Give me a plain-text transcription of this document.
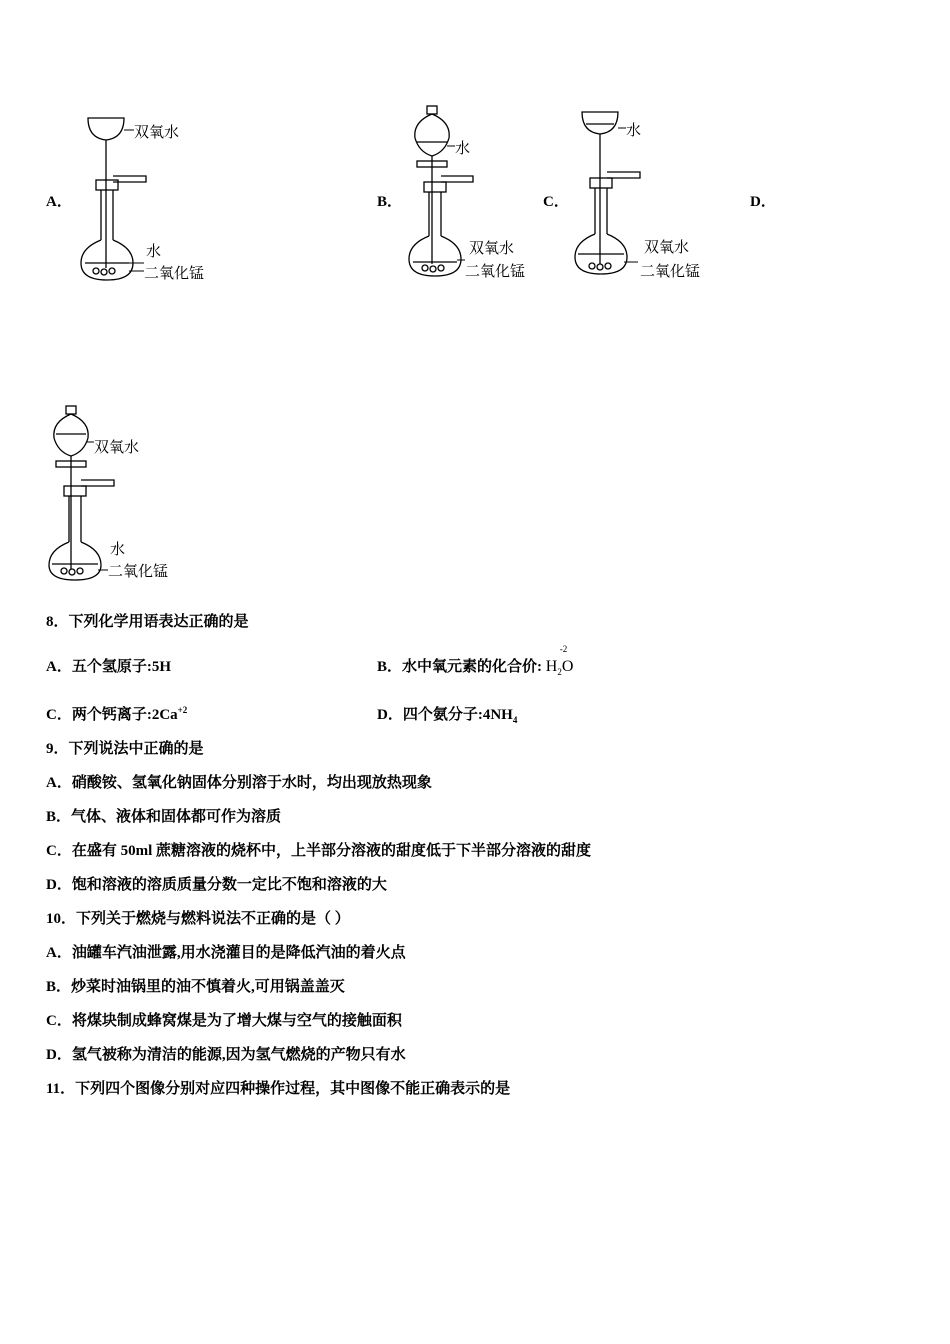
A．	B．	C．	D．
双氧水
水
二氧化锰
水
双氧水
二氧化锰
水
双氧水
二氧化锰
双氧水
水
二氧化锰
8．下列化学用语表达正确的是
A．五个氢原子:5H	B．水中氧元素的化合价:
-2
$H_2O$
C．两个钙离子$:2Ca^{+2}$	D．四个氨分子$:4NH_4$
9．下列说法中正确的是
A．硝酸铵、氢氧化钠固体分别溶于水时，均出现放热现象
B．气体、液体和固体都可作为溶质
C．在盛有 50ml 蔗糖溶液的烧杯中，上半部分溶液的甜度低于下半部分溶液的甜度
D．饱和溶液的溶质质量分数一定比不饱和溶液的大
10．下列关于燃烧与燃料说法不正确的是（ ）
A．油罐车汽油泄露,用水浇灌目的是降低汽油的着火点
B．炒菜时油锅里的油不慎着火,可用锅盖盖灭
C．将煤块制成蜂窝煤是为了增大煤与空气的接触面积
D．氢气被称为清洁的能源,因为氢气燃烧的产物只有水
11．下列四个图像分别对应四种操作过程，其中图像不能正确表示的是
